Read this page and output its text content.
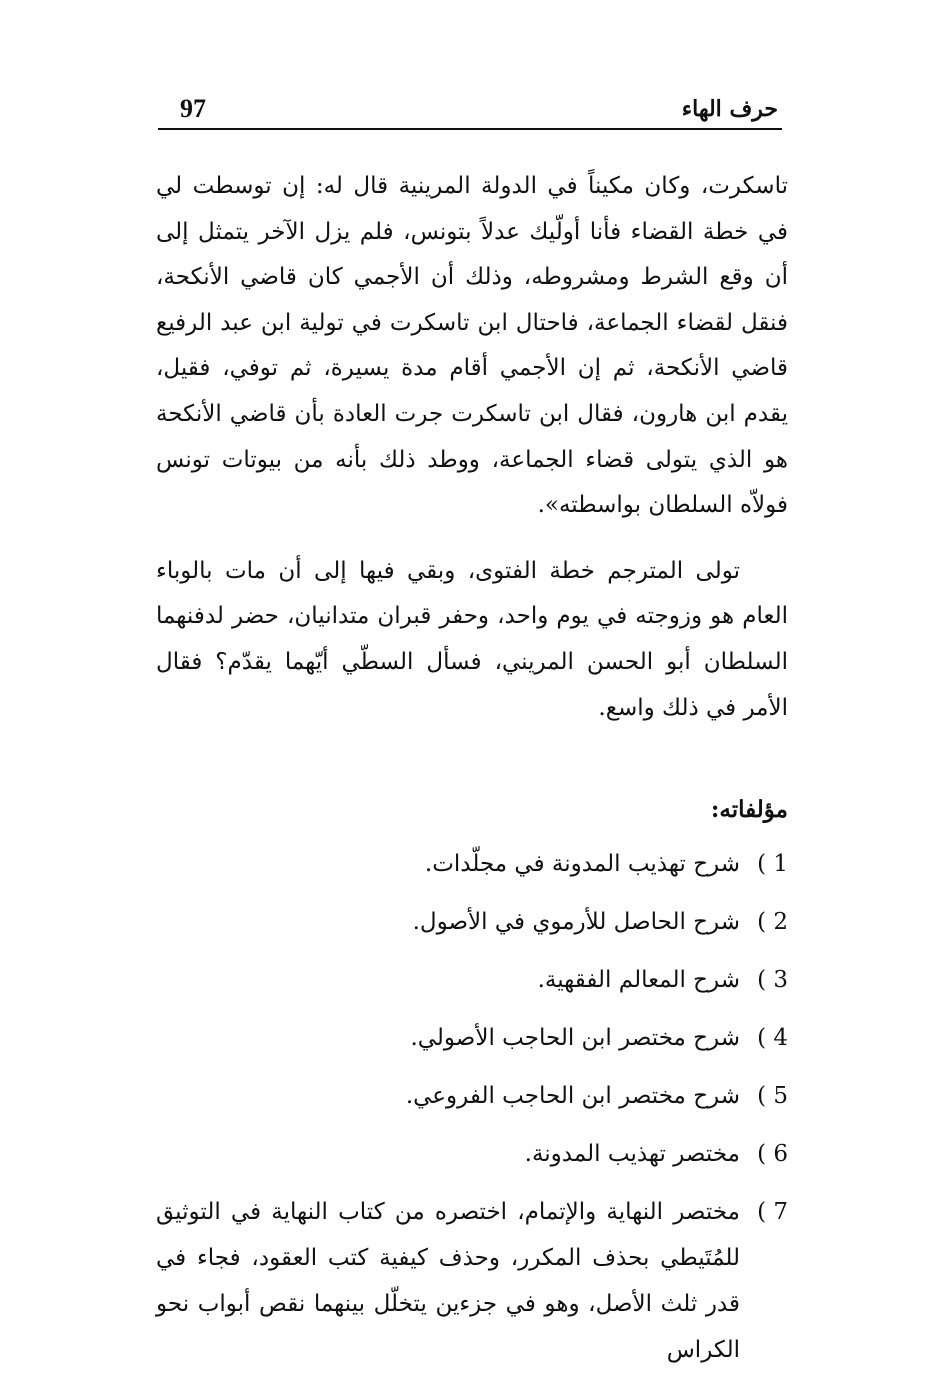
97	حرف الهاء

تاسكرت، وكان مكيناً في الدولة المرينية قال له: إن توسطت لي في خطة القضاء فأنا أولّيك عدلاً بتونس، فلم يزل الآخر يتمثل إلى أن وقع الشرط ومشروطه، وذلك أن الأجمي كان قاضي الأنكحة، فنقل لقضاء الجماعة، فاحتال ابن تاسكرت في تولية ابن عبد الرفيع قاضي الأنكحة، ثم إن الأجمي أقام مدة يسيرة، ثم توفي، فقيل، يقدم ابن هارون، فقال ابن تاسكرت جرت العادة بأن قاضي الأنكحة هو الذي يتولى قضاء الجماعة، ووطد ذلك بأنه من بيوتات تونس فولاّه السلطان بواسطته».

تولى المترجم خطة الفتوى، وبقي فيها إلى أن مات بالوباء العام هو وزوجته في يوم واحد، وحفر قبران متدانيان، حضر لدفنهما السلطان أبو الحسن المريني، فسأل السطّي أيّهما يقدّم؟ فقال الأمر في ذلك واسع.

مؤلفاته:

1 )
شرح تهذيب المدونة في مجلّدات.
2 )
شرح الحاصل للأرموي في الأصول.
3 )
شرح المعالم الفقهية.
4 )
شرح مختصر ابن الحاجب الأصولي.
5 )
شرح مختصر ابن الحاجب الفروعي.
6 )
مختصر تهذيب المدونة.
7 )
مختصر النهاية والإتمام، اختصره من كتاب النهاية في التوثيق للمُتَيطي بحذف المكرر، وحذف كيفية كتب العقود، فجاء في قدر ثلث الأصل، وهو في جزءين يتخلّل بينهما نقص أبواب نحو الكراس
